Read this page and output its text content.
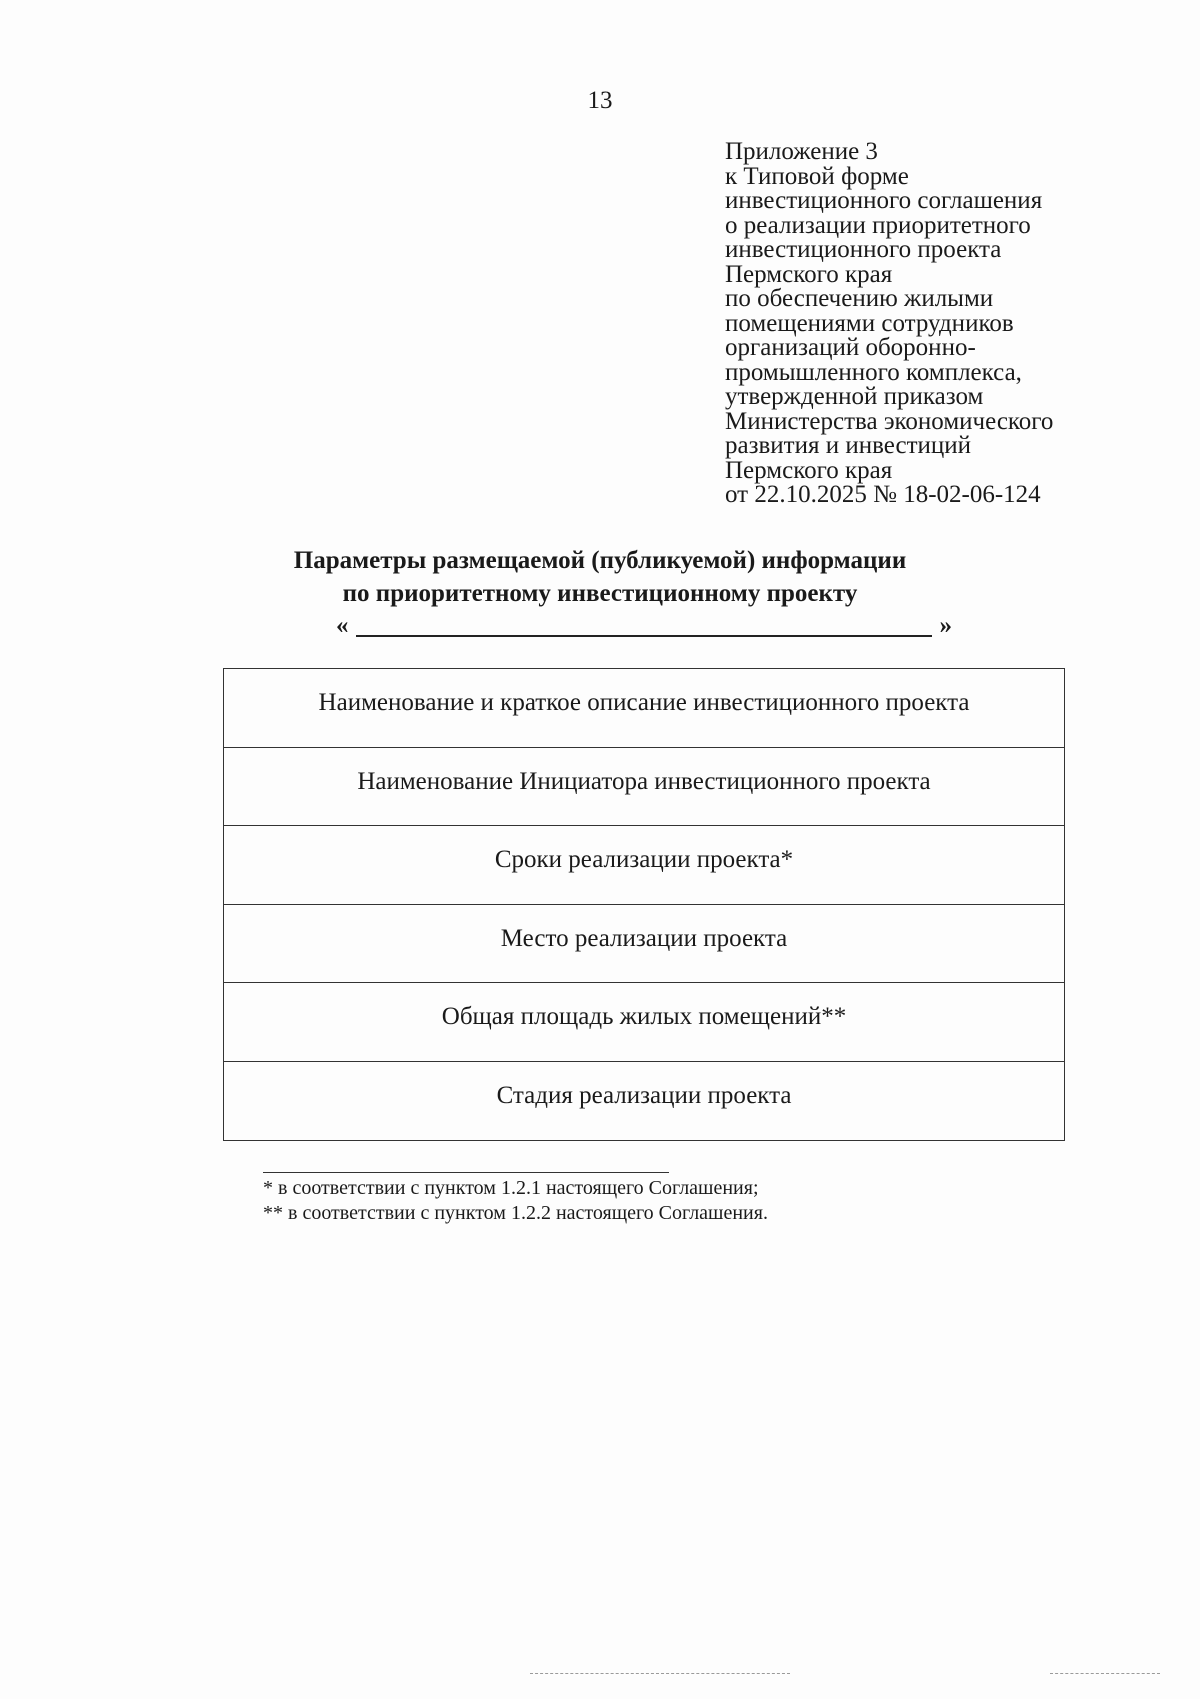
13
Приложение 3
к Типовой форме
инвестиционного соглашения
о реализации приоритетного
инвестиционного проекта
Пермского края
по обеспечению жилыми
помещениями сотрудников
организаций оборонно-
промышленного комплекса,
утвержденной приказом
Министерства экономического
развития и инвестиций
Пермского края
от 22.10.2025 № 18-02-06-124
Параметры размещаемой (публикуемой) информации
по приоритетному инвестиционному проекту
«	»
Наименование и краткое описание инвестиционного проекта
Наименование Инициатора инвестиционного проекта
Сроки реализации проекта*
Место реализации проекта
Общая площадь жилых помещений**
Стадия реализации проекта
* в соответствии с пунктом 1.2.1 настоящего Соглашения;
** в соответствии с пунктом 1.2.2 настоящего Соглашения.
